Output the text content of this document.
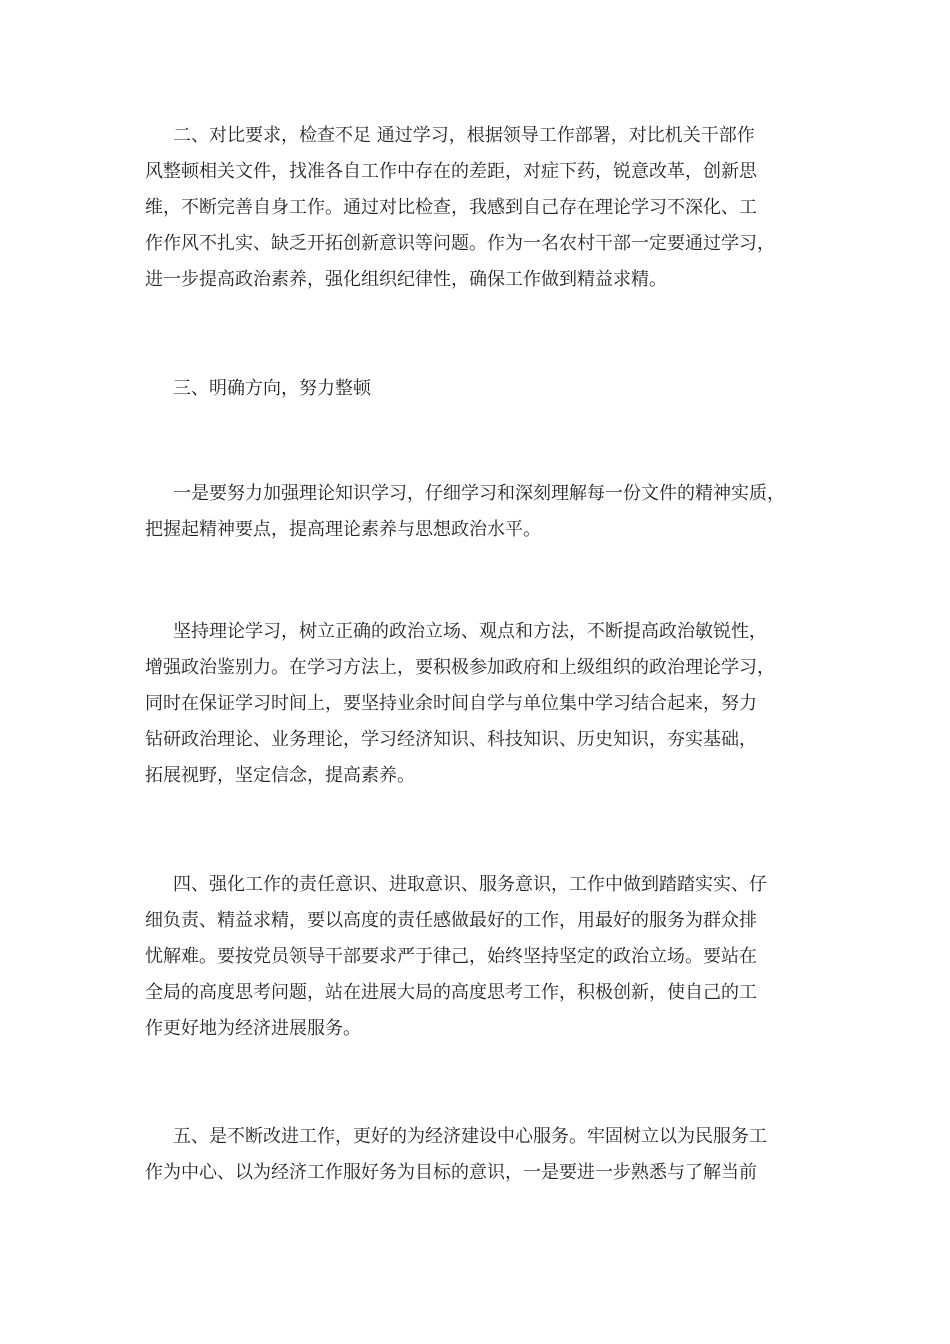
二、对比要求，检查不足 通过学习，根据领导工作部署，对比机关干部作
风整顿相关文件，找准各自工作中存在的差距，对症下药，锐意改革，创新思
维，不断完善自身工作。通过对比检查，我感到自己存在理论学习不深化、工
作作风不扎实、缺乏开拓创新意识等问题。作为一名农村干部一定要通过学习，
进一步提高政治素养，强化组织纪律性，确保工作做到精益求精。
三、明确方向，努力整顿
一是要努力加强理论知识学习，仔细学习和深刻理解每一份文件的精神实质，
把握起精神要点，提高理论素养与思想政治水平。
坚持理论学习，树立正确的政治立场、观点和方法，不断提高政治敏锐性，
增强政治鉴别力。在学习方法上，要积极参加政府和上级组织的政治理论学习，
同时在保证学习时间上，要坚持业余时间自学与单位集中学习结合起来，努力
钻研政治理论、业务理论，学习经济知识、科技知识、历史知识，夯实基础，
拓展视野，坚定信念，提高素养。
四、强化工作的责任意识、进取意识、服务意识，工作中做到踏踏实实、仔
细负责、精益求精，要以高度的责任感做最好的工作，用最好的服务为群众排
忧解难。要按党员领导干部要求严于律己，始终坚持坚定的政治立场。要站在
全局的高度思考问题，站在进展大局的高度思考工作，积极创新，使自己的工
作更好地为经济进展服务。
五、是不断改进工作，更好的为经济建设中心服务。牢固树立以为民服务工
作为中心、以为经济工作服好务为目标的意识，一是要进一步熟悉与了解当前
